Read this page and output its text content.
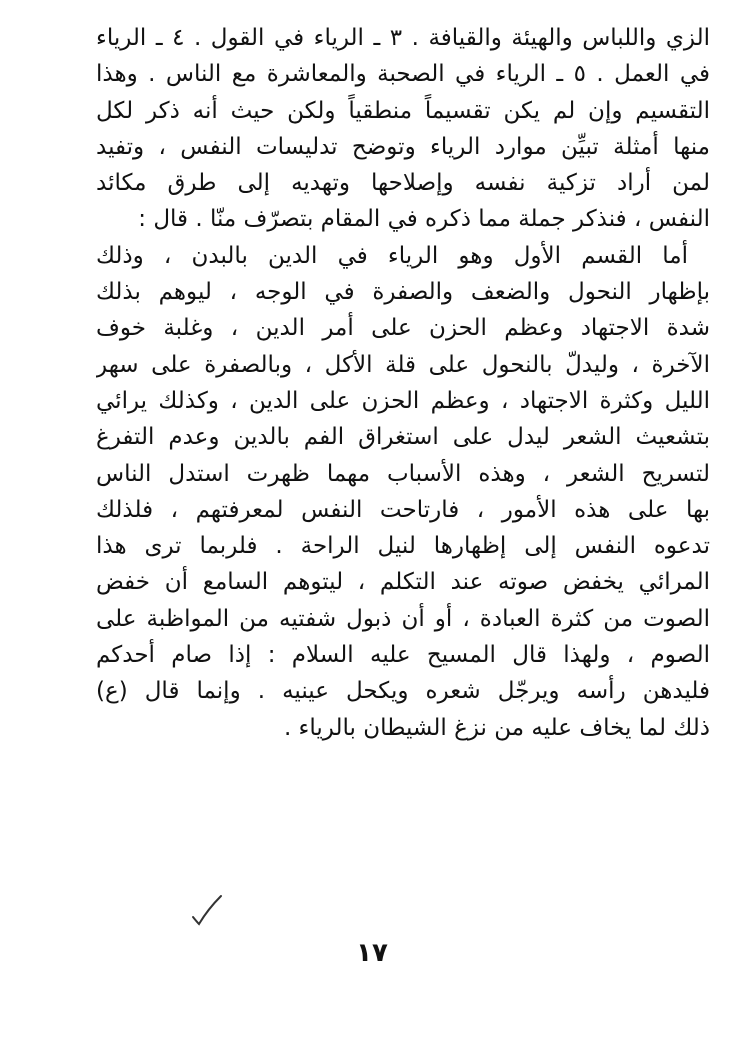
الزي واللباس والهيئة والقيافة . ٣ ـ الرياء في القول . ٤ ـ الرياء
في العمل . ٥ ـ الرياء في الصحبة والمعاشرة مع الناس . وهذا
التقسيم وإن لم يكن تقسيماً منطقياً ولكن حيث أنه ذكر لكل
منها أمثلة تبيِّن موارد الرياء وتوضح تدليسات النفس ، وتفيد
لمن أراد تزكية نفسه وإصلاحها وتهديه إلى طرق مكائد
النفس ، فنذكر جملة مما ذكره في المقام بتصرّف منّا . قال :
أما القسم الأول وهو الرياء في الدين بالبدن ، وذلك
بإظهار النحول والضعف والصفرة في الوجه ، ليوهم بذلك
شدة الاجتهاد وعظم الحزن على أمر الدين ، وغلبة خوف
الآخرة ، وليدلّ بالنحول على قلة الأكل ، وبالصفرة على سهر
الليل وكثرة الاجتهاد ، وعظم الحزن على الدين ، وكذلك يرائي
بتشعيث الشعر ليدل على استغراق الفم بالدين وعدم التفرغ
لتسريح الشعر ، وهذه الأسباب مهما ظهرت استدل الناس
بها على هذه الأمور ، فارتاحت النفس لمعرفتهم ، فلذلك
تدعوه النفس إلى إظهارها لنيل الراحة . فلربما ترى هذا
المرائي يخفض صوته عند التكلم ، ليتوهم السامع أن خفض
الصوت من كثرة العبادة ، أو أن ذبول شفتيه من المواظبة على
الصوم ، ولهذا قال المسيح عليه السلام : إذا صام أحدكم
فليدهن رأسه ويرجّل شعره ويكحل عينيه . وإنما قال (ع)
ذلك لما يخاف عليه من نزغ الشيطان بالرياء .
١٧
